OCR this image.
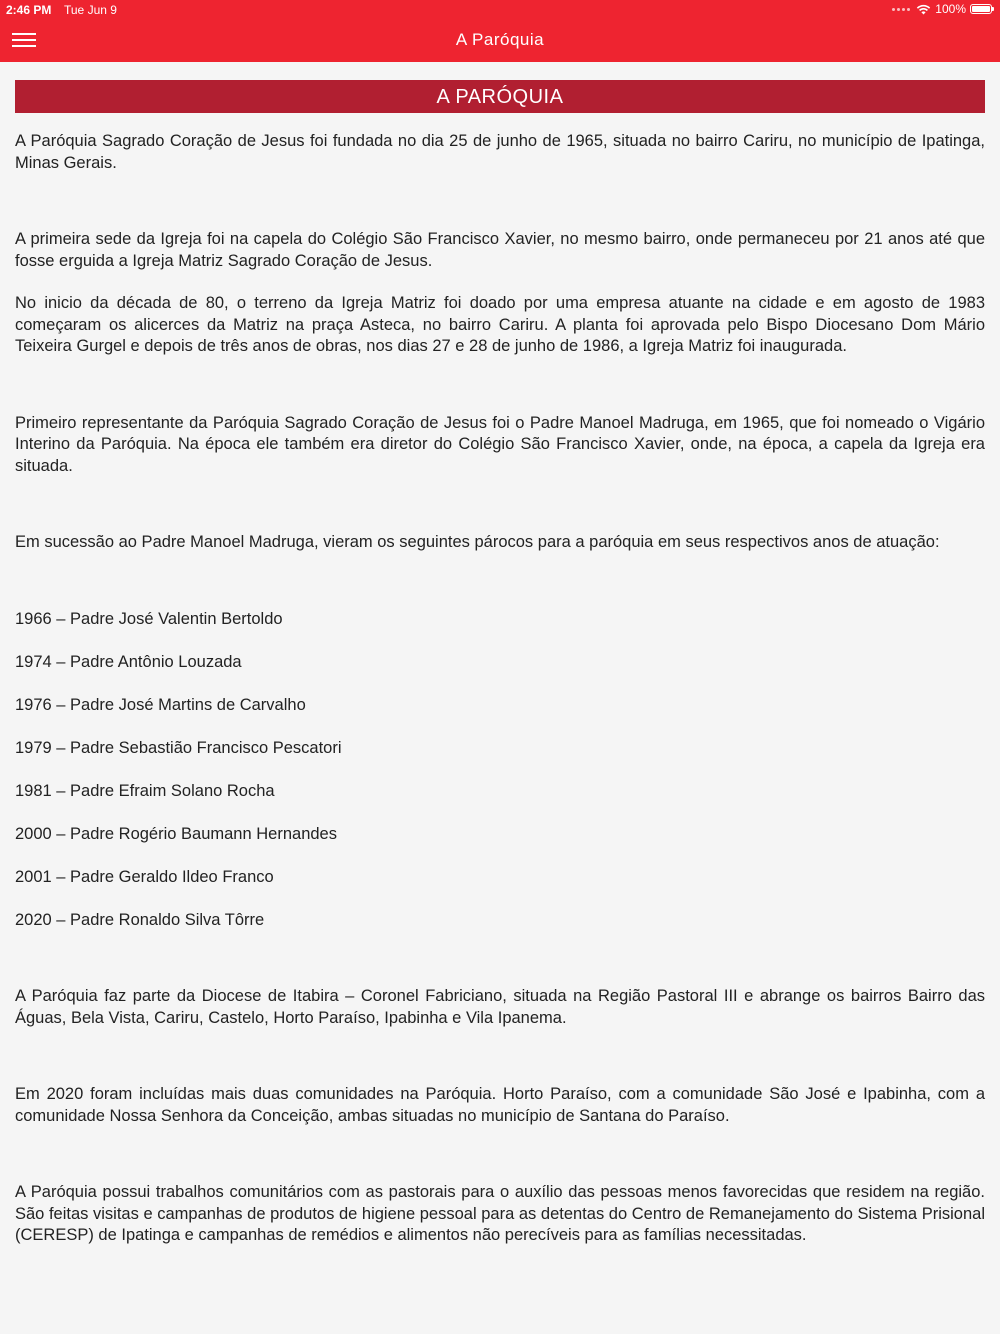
2:46 PM Tue Jun 9	100%
A Paróquia
A PARÓQUIA

A Paróquia Sagrado Coração de Jesus foi fundada no dia 25 de junho de 1965, situada no bairro Cariru, no município de Ipatinga, Minas Gerais.

A primeira sede da Igreja foi na capela do Colégio São Francisco Xavier, no mesmo bairro, onde permaneceu por 21 anos até que fosse erguida a Igreja Matriz Sagrado Coração de Jesus.

No inicio da década de 80, o terreno da Igreja Matriz foi doado por uma empresa atuante na cidade e em agosto de 1983 começaram os alicerces da Matriz na praça Asteca, no bairro Cariru. A planta foi aprovada pelo Bispo Diocesano Dom Mário Teixeira Gurgel e depois de três anos de obras, nos dias 27 e 28 de junho de 1986, a Igreja Matriz foi inaugurada.

Primeiro representante da Paróquia Sagrado Coração de Jesus foi o Padre Manoel Madruga, em 1965, que foi nomeado o Vigário Interino da Paróquia. Na época ele também era diretor do Colégio São Francisco Xavier, onde, na época, a capela da Igreja era situada.

Em sucessão ao Padre Manoel Madruga, vieram os seguintes párocos para a paróquia em seus respectivos anos de atuação:

1966 – Padre José Valentin Bertoldo

1974 – Padre Antônio Louzada

1976 – Padre José Martins de Carvalho

1979 – Padre Sebastião Francisco Pescatori

1981 – Padre Efraim Solano Rocha

2000 – Padre Rogério Baumann Hernandes

2001 – Padre Geraldo Ildeo Franco

2020 – Padre Ronaldo Silva Tôrre

A Paróquia faz parte da Diocese de Itabira – Coronel Fabriciano, situada na Região Pastoral III e abrange os bairros Bairro das Águas, Bela Vista, Cariru, Castelo, Horto Paraíso, Ipabinha e Vila Ipanema.

Em 2020 foram incluídas mais duas comunidades na Paróquia. Horto Paraíso, com a comunidade São José e Ipabinha, com a comunidade Nossa Senhora da Conceição, ambas situadas no município de Santana do Paraíso.

A Paróquia possui trabalhos comunitários com as pastorais para o auxílio das pessoas menos favorecidas que residem na região. São feitas visitas e campanhas de produtos de higiene pessoal para as detentas do Centro de Remanejamento do Sistema Prisional (CERESP) de Ipatinga e campanhas de remédios e alimentos não perecíveis para as famílias necessitadas.
